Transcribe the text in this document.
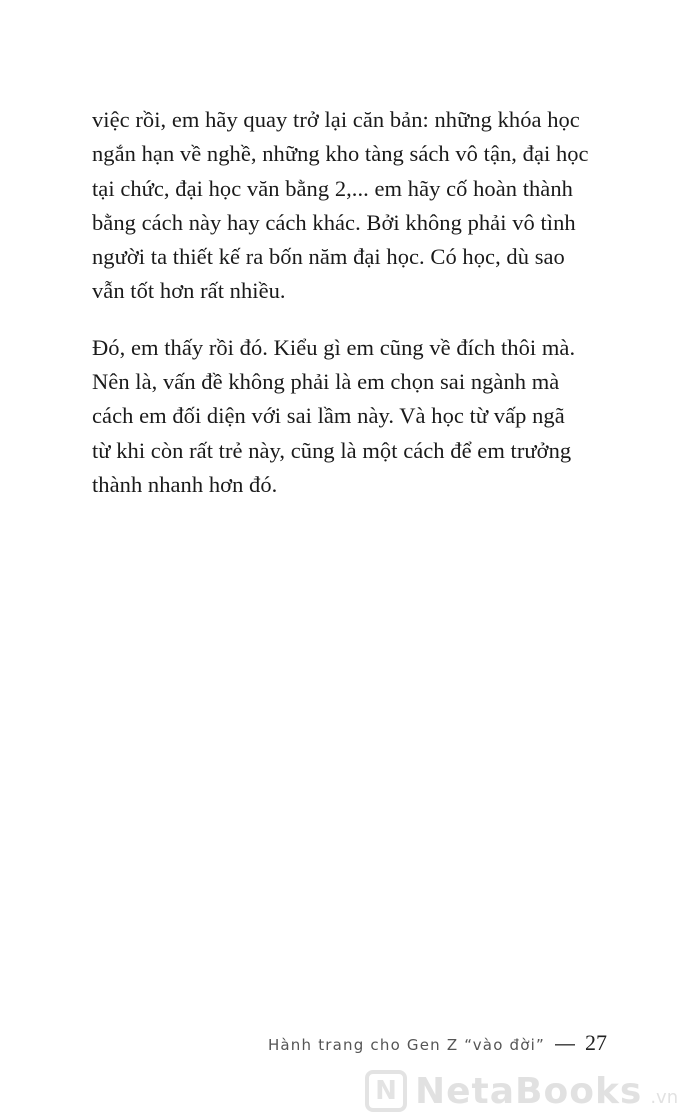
việc rồi, em hãy quay trở lại căn bản: những khóa học
ngắn hạn về nghề, những kho tàng sách vô tận, đại học
tại chức, đại học văn bằng 2,... em hãy cố hoàn thành
bằng cách này hay cách khác. Bởi không phải vô tình
người ta thiết kế ra bốn năm đại học. Có học, dù sao
vẫn tốt hơn rất nhiều.

Đó, em thấy rồi đó. Kiểu gì em cũng về đích thôi mà.
Nên là, vấn đề không phải là em chọn sai ngành mà
cách em đối diện với sai lầm này. Và học từ vấp ngã
từ khi còn rất trẻ này, cũng là một cách để em trưởng
thành nhanh hơn đó.

Hành trang cho Gen Z “vào đời” — 27
N NetaBooks .vn
